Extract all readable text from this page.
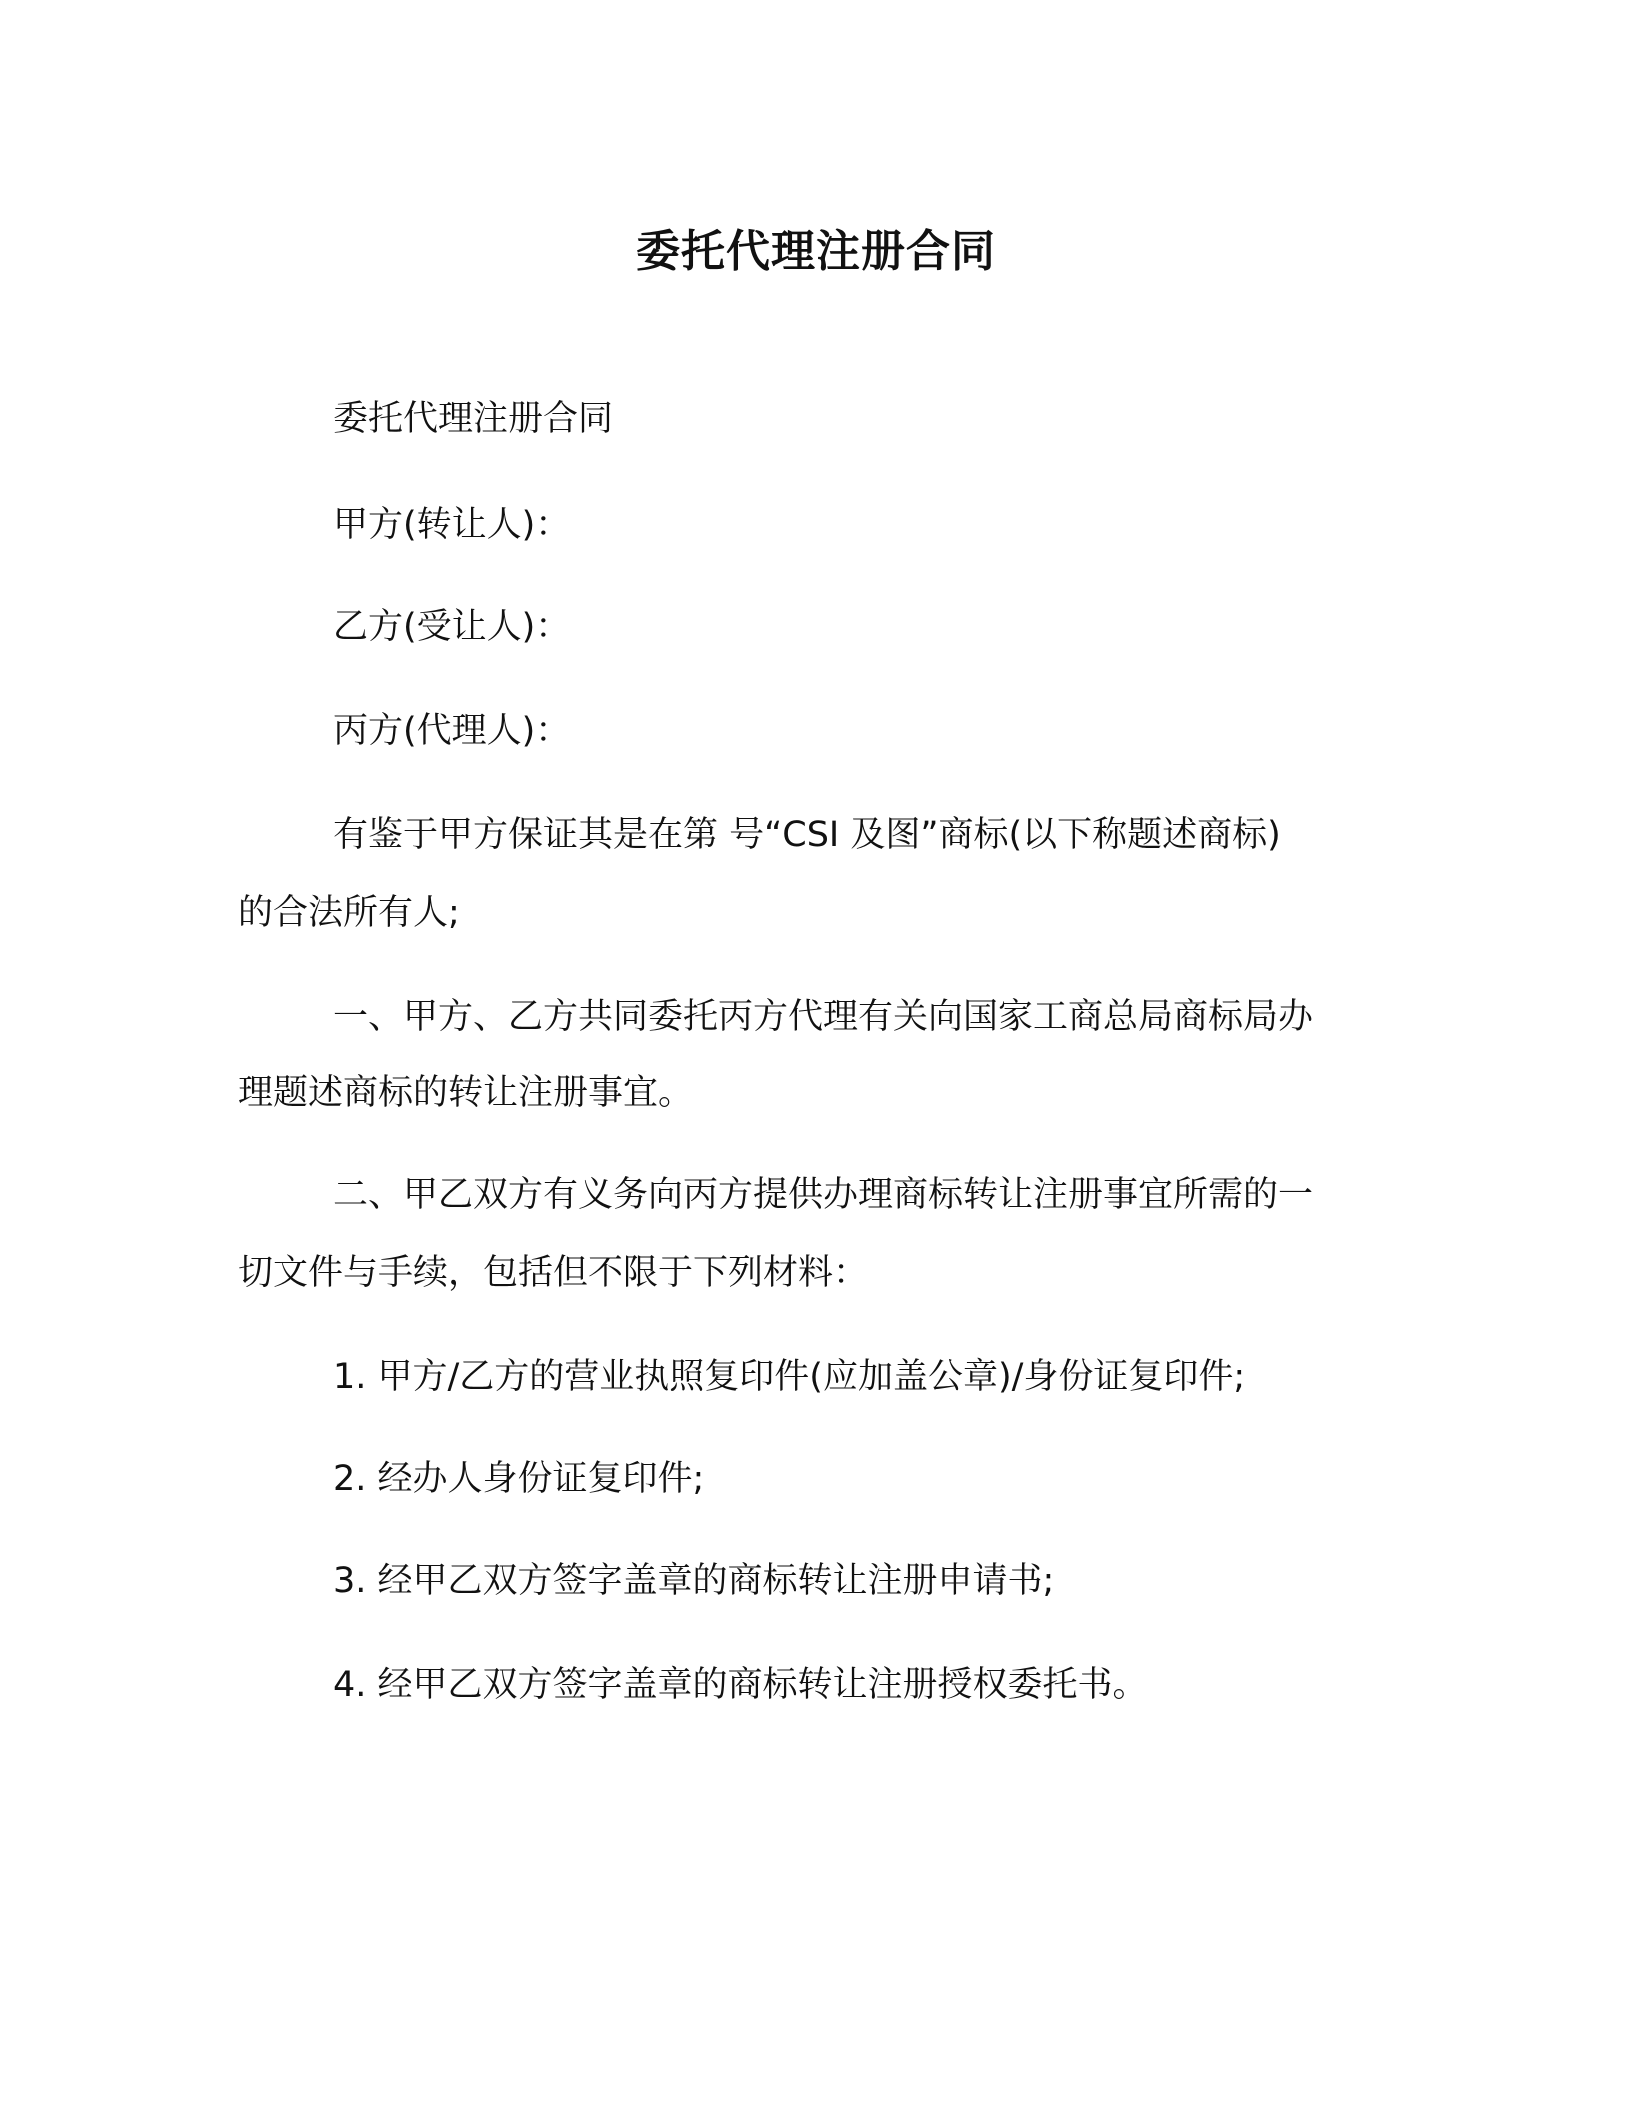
委托代理注册合同
委托代理注册合同
甲方(转让人)：
乙方(受让人)：
丙方(代理人)：
有鉴于甲方保证其是在第 号“CSI 及图”商标(以下称题述商标)
的合法所有人;
一、甲方、乙方共同委托丙方代理有关向国家工商总局商标局办
理题述商标的转让注册事宜。
二、甲乙双方有义务向丙方提供办理商标转让注册事宜所需的一
切文件与手续，包括但不限于下列材料：
1. 甲方/乙方的营业执照复印件(应加盖公章)/身份证复印件;
2. 经办人身份证复印件;
3. 经甲乙双方签字盖章的商标转让注册申请书;
4. 经甲乙双方签字盖章的商标转让注册授权委托书。
